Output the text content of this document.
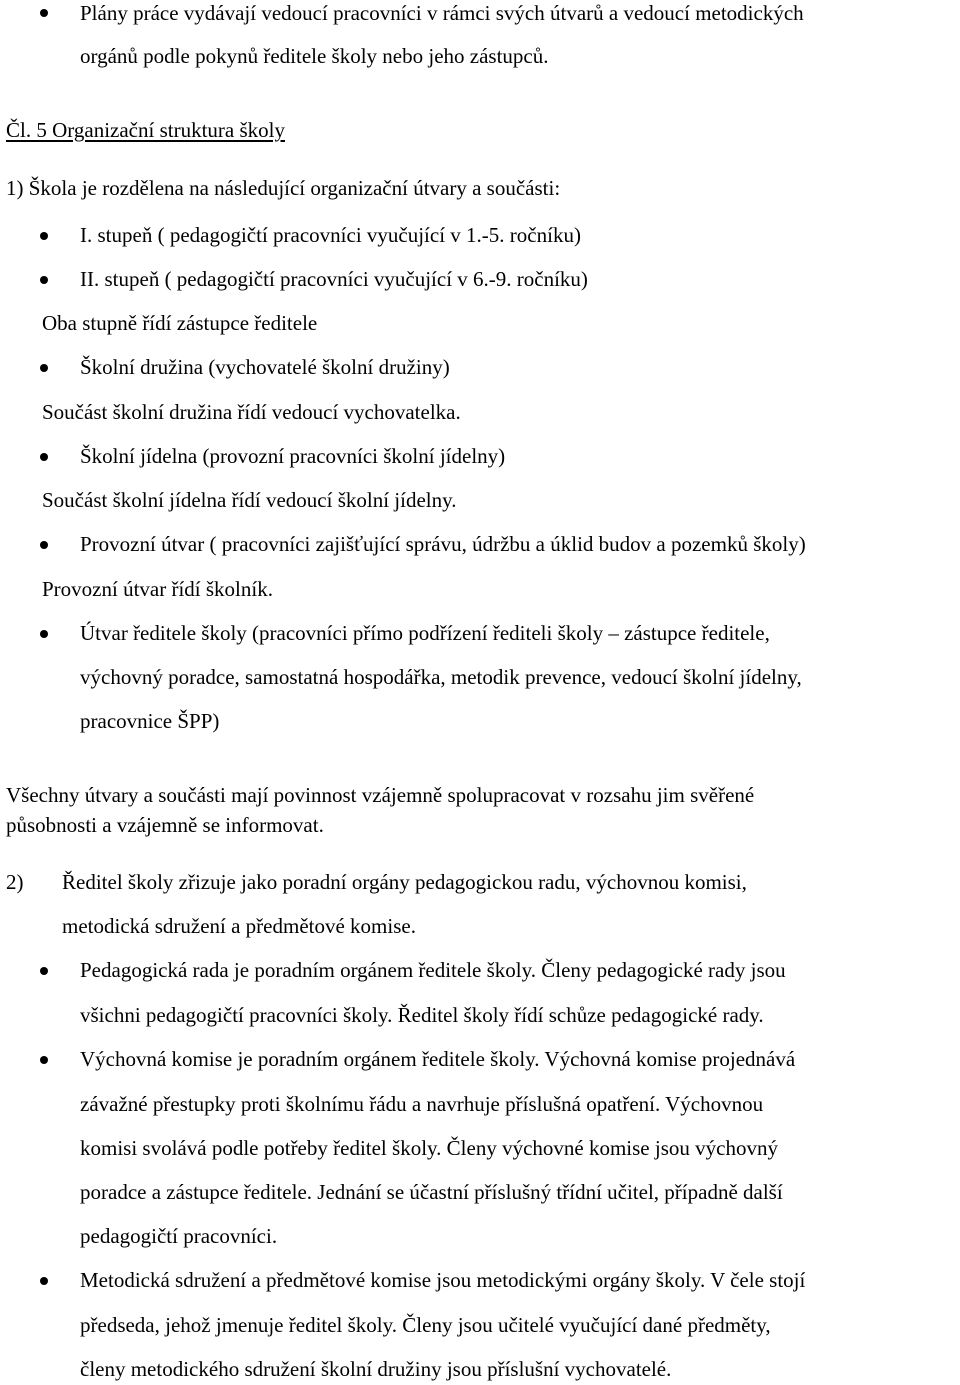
Plány práce vydávají vedoucí pracovníci v rámci svých útvarů a vedoucí metodických
orgánů podle pokynů ředitele školy nebo jeho zástupců.
Čl. 5 Organizační struktura školy
1) Škola je rozdělena na následující organizační útvary a součásti:
I. stupeň ( pedagogičtí pracovníci vyučující v 1.-5. ročníku)
II. stupeň ( pedagogičtí pracovníci vyučující v 6.-9. ročníku)
Oba stupně řídí zástupce ředitele
Školní družina (vychovatelé školní družiny)
Součást školní družina řídí vedoucí vychovatelka.
Školní jídelna (provozní pracovníci školní jídelny)
Součást školní jídelna řídí vedoucí školní jídelny.
Provozní útvar ( pracovníci zajišťující správu, údržbu a úklid budov a pozemků školy)
Provozní útvar řídí školník.
Útvar ředitele školy (pracovníci přímo podřízení řediteli školy – zástupce ředitele,
výchovný poradce, samostatná hospodářka, metodik prevence, vedoucí školní jídelny,
pracovnice ŠPP)
Všechny útvary a součásti mají povinnost vzájemně spolupracovat v rozsahu jim svěřené
působnosti a vzájemně se informovat.
2) Ředitel školy zřizuje jako poradní orgány pedagogickou radu, výchovnou komisi,
metodická sdružení a předmětové komise.
Pedagogická rada je poradním orgánem ředitele školy. Členy pedagogické rady jsou
všichni pedagogičtí pracovníci školy. Ředitel školy řídí schůze pedagogické rady.
Výchovná komise je poradním orgánem ředitele školy. Výchovná komise projednává
závažné přestupky proti školnímu řádu a navrhuje příslušná opatření. Výchovnou
komisi svolává podle potřeby ředitel školy. Členy výchovné komise jsou výchovný
poradce a zástupce ředitele. Jednání se účastní příslušný třídní učitel, případně další
pedagogičtí pracovníci.
Metodická sdružení a předmětové komise jsou metodickými orgány školy. V čele stojí
předseda, jehož jmenuje ředitel školy. Členy jsou učitelé vyučující dané předměty,
členy metodického sdružení školní družiny jsou příslušní vychovatelé.
